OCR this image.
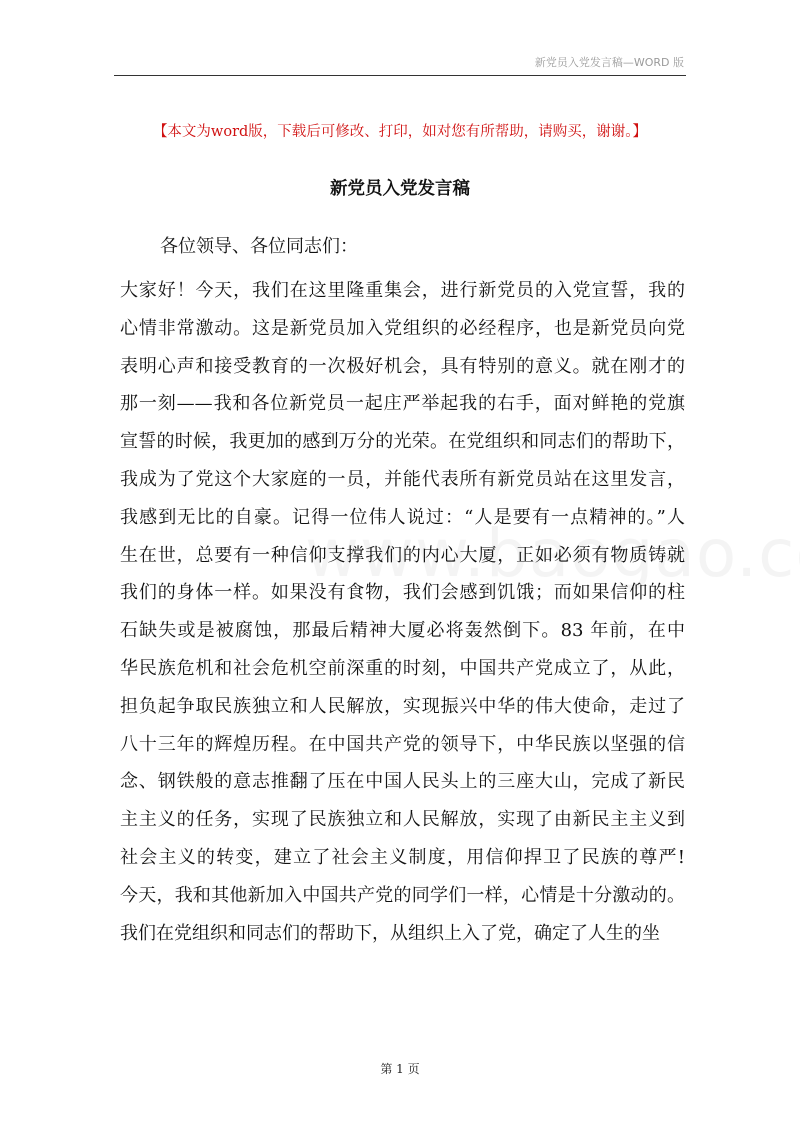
新党员入党发言稿—WORD 版
【本文为word版，下载后可修改、打印，如对您有所帮助，请购买，谢谢。】
新党员入党发言稿
各位领导、各位同志们：
大家好！今天，我们在这里隆重集会，进行新党员的入党宣誓，我的
心情非常激动。这是新党员加入党组织的必经程序，也是新党员向党
表明心声和接受教育的一次极好机会，具有特别的意义。就在刚才的
那一刻——我和各位新党员一起庄严举起我的右手，面对鲜艳的党旗
宣誓的时候，我更加的感到万分的光荣。在党组织和同志们的帮助下，
我成为了党这个大家庭的一员，并能代表所有新党员站在这里发言，
我感到无比的自豪。记得一位伟人说过：“人是要有一点精神的。”人
生在世，总要有一种信仰支撑我们的内心大厦，正如必须有物质铸就
我们的身体一样。如果没有食物，我们会感到饥饿；而如果信仰的柱
石缺失或是被腐蚀，那最后精神大厦必将轰然倒下。83 年前，在中
华民族危机和社会危机空前深重的时刻，中国共产党成立了，从此，
担负起争取民族独立和人民解放，实现振兴中华的伟大使命，走过了
八十三年的辉煌历程。在中国共产党的领导下，中华民族以坚强的信
念、钢铁般的意志推翻了压在中国人民头上的三座大山，完成了新民
主主义的任务，实现了民族独立和人民解放，实现了由新民主主义到
社会主义的转变，建立了社会主义制度，用信仰捍卫了民族的尊严!
今天，我和其他新加入中国共产党的同学们一样，心情是十分激动的。
我们在党组织和同志们的帮助下，从组织上入了党，确定了人生的坐
第 1 页
